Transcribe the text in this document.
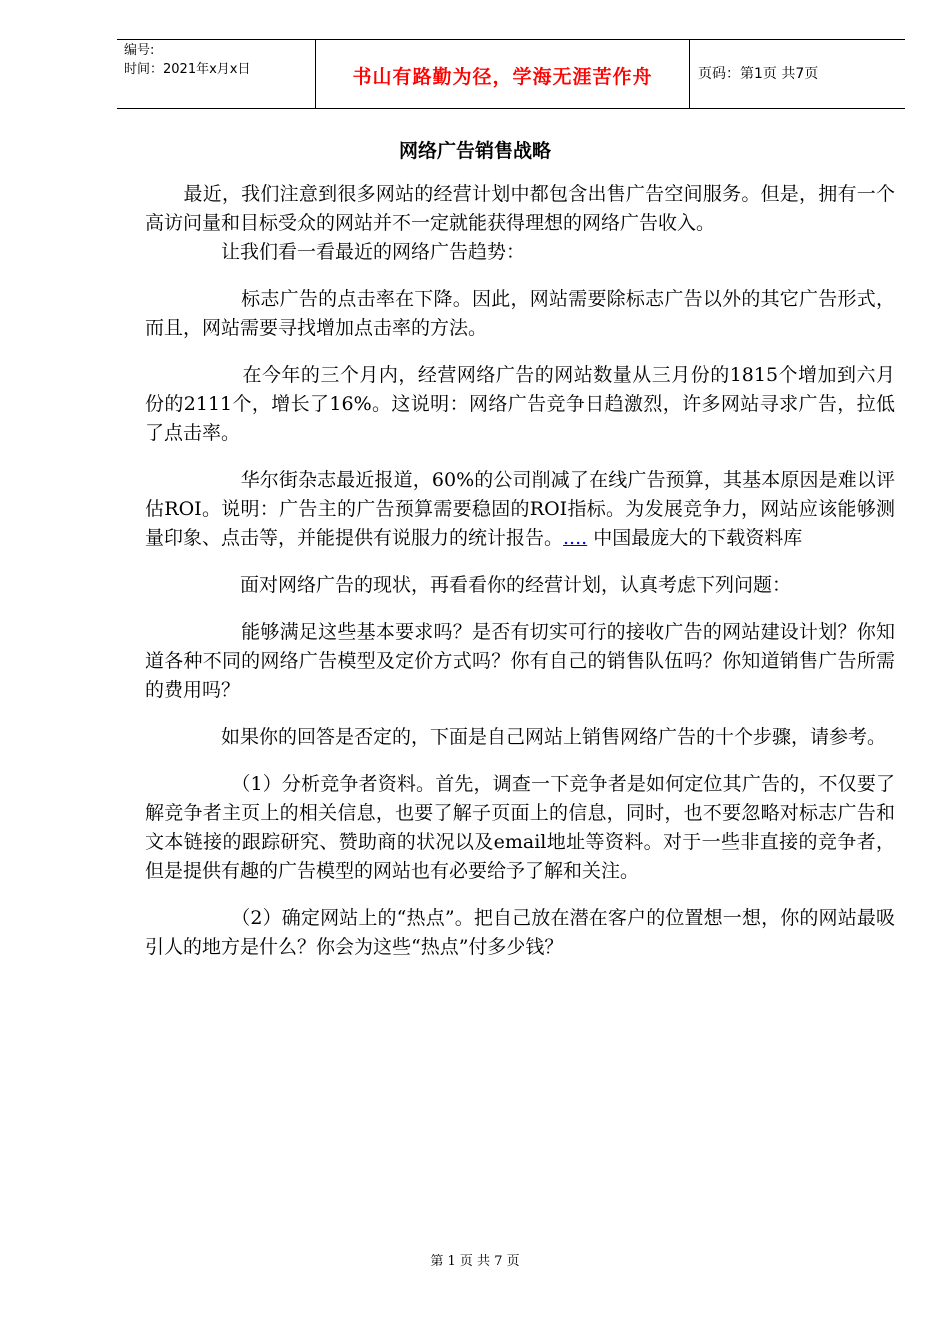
编号:
时间：2021年x月x日	书山有路勤为径，学海无涯苦作舟	页码：第1页 共7页
网络广告销售战略

　　最近，我们注意到很多网站的经营计划中都包含出售广告空间服务。但是，拥有一个高访问量和目标受众的网站并不一定就能获得理想的网络广告收入。

　　　　让我们看一看最近的网络广告趋势：

　　　　　标志广告的点击率在下降。因此，网站需要除标志广告以外的其它广告形式，而且，网站需要寻找增加点击率的方法。

　　　　　在今年的三个月内，经营网络广告的网站数量从三月份的1815个增加到六月份的2111个，增长了16%。这说明：网络广告竞争日趋激烈，许多网站寻求广告，拉低了点击率。

　　　　　华尔街杂志最近报道，60%的公司削减了在线广告预算，其基本原因是难以评估ROI。说明：广告主的广告预算需要稳固的ROI指标。为发展竞争力，网站应该能够测量印象、点击等，并能提供有说服力的统计报告。.... 中国最庞大的下载资料库

　　　　　面对网络广告的现状，再看看你的经营计划，认真考虑下列问题：

　　　　　能够满足这些基本要求吗？是否有切实可行的接收广告的网站建设计划？你知道各种不同的网络广告模型及定价方式吗？你有自己的销售队伍吗？你知道销售广告所需的费用吗？

　　　　如果你的回答是否定的，下面是自己网站上销售网络广告的十个步骤，请参考。

　　　　　（1）分析竞争者资料。首先，调查一下竞争者是如何定位其广告的，不仅要了解竞争者主页上的相关信息，也要了解子页面上的信息，同时，也不要忽略对标志广告和文本链接的跟踪研究、赞助商的状况以及email地址等资料。对于一些非直接的竞争者，但是提供有趣的广告模型的网站也有必要给予了解和关注。

　　　　　（2）确定网站上的“热点”。把自己放在潜在客户的位置想一想，你的网站最吸引人的地方是什么？你会为这些“热点”付多少钱？

第 1 页 共 7 页
